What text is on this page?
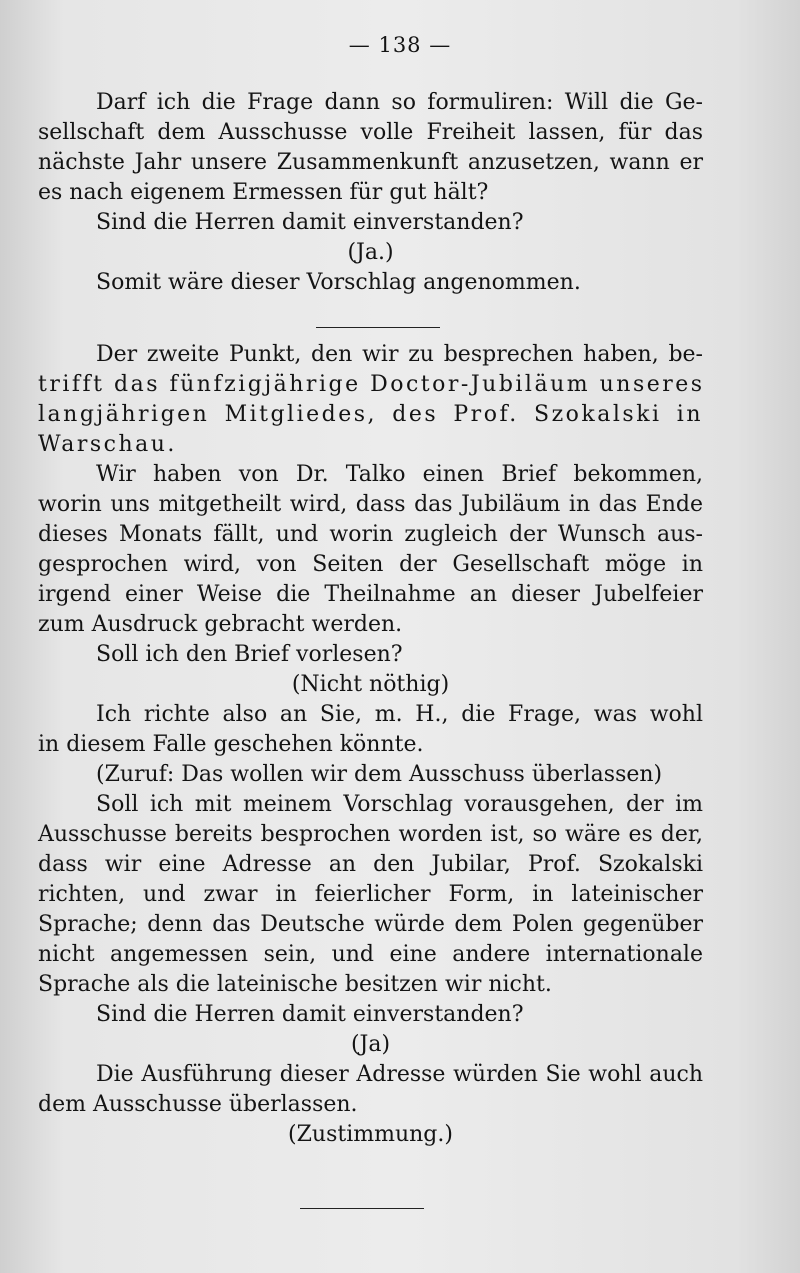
— 138 —
Darf ich die Frage dann so formuliren: Will die Ge-
sellschaft dem Ausschusse volle Freiheit lassen, für das
nächste Jahr unsere Zusammenkunft anzusetzen, wann er
es nach eigenem Ermessen für gut hält?
Sind die Herren damit einverstanden?
(Ja.)
Somit wäre dieser Vorschlag angenommen.
Der zweite Punkt, den wir zu besprechen haben, be-
trifft das fünfzigjährige Doctor-Jubiläum unseres
langjährigen Mitgliedes, des Prof. Szokalski in
Warschau.
Wir haben von Dr. Talko einen Brief bekommen,
worin uns mitgetheilt wird, dass das Jubiläum in das Ende
dieses Monats fällt, und worin zugleich der Wunsch aus-
gesprochen wird, von Seiten der Gesellschaft möge in
irgend einer Weise die Theilnahme an dieser Jubelfeier
zum Ausdruck gebracht werden.
Soll ich den Brief vorlesen?
(Nicht nöthig)
Ich richte also an Sie, m. H., die Frage, was wohl
in diesem Falle geschehen könnte.
(Zuruf: Das wollen wir dem Ausschuss überlassen)
Soll ich mit meinem Vorschlag vorausgehen, der im
Ausschusse bereits besprochen worden ist, so wäre es der,
dass wir eine Adresse an den Jubilar, Prof. Szokalski
richten, und zwar in feierlicher Form, in lateinischer
Sprache; denn das Deutsche würde dem Polen gegenüber
nicht angemessen sein, und eine andere internationale
Sprache als die lateinische besitzen wir nicht.
Sind die Herren damit einverstanden?
(Ja)
Die Ausführung dieser Adresse würden Sie wohl auch
dem Ausschusse überlassen.
(Zustimmung.)
